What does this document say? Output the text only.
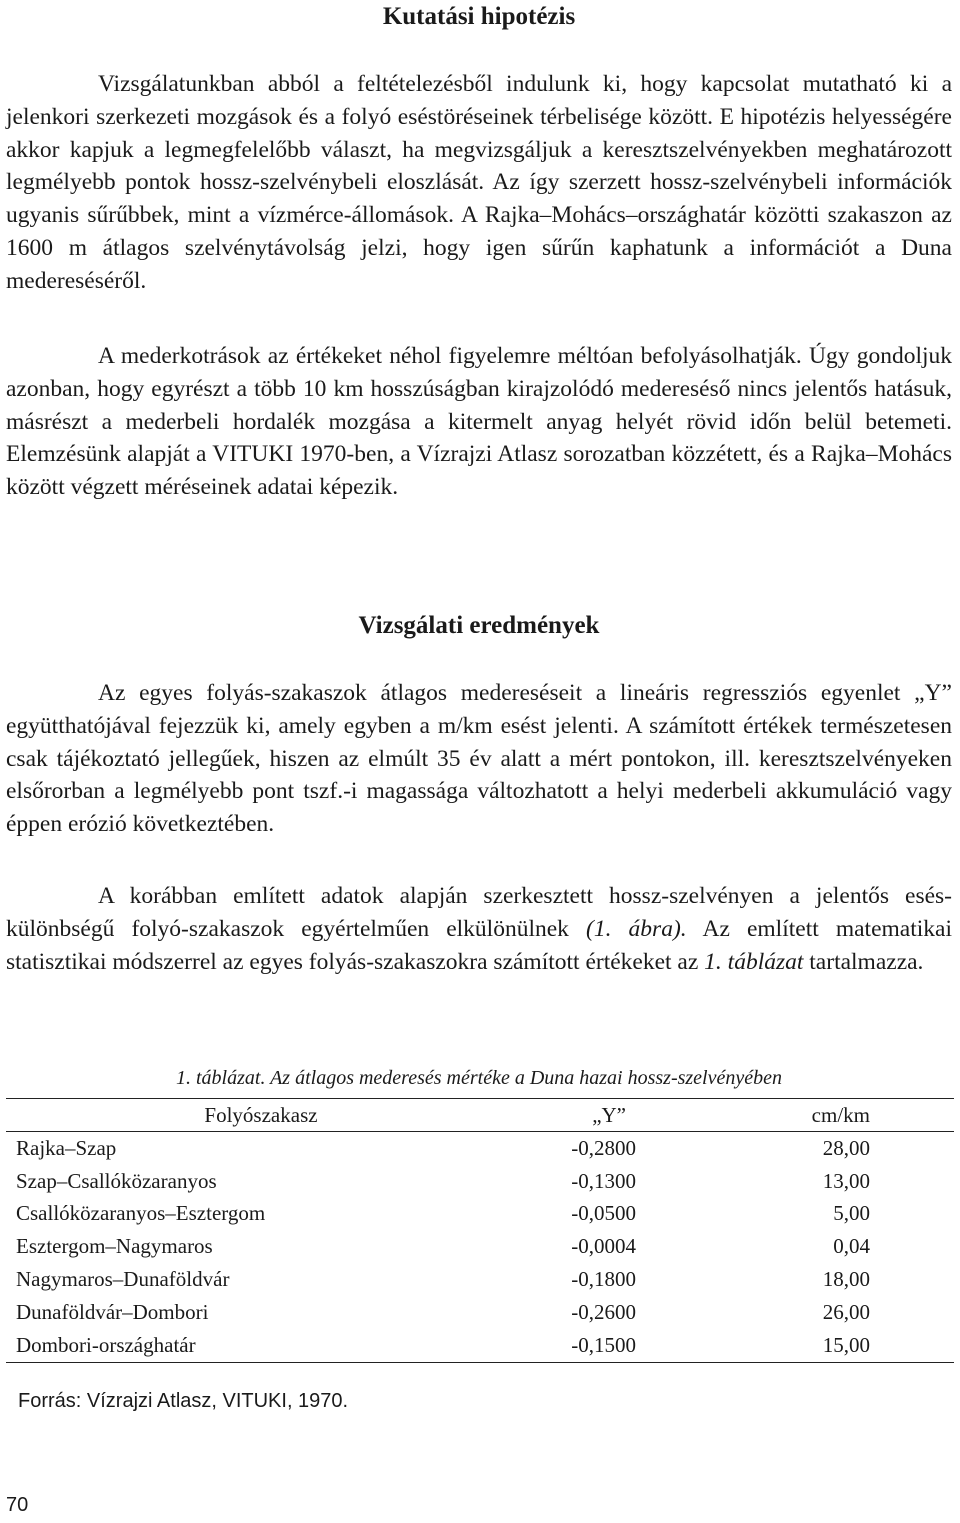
Kutatási hipotézis

Vizsgálatunkban abból a feltételezésből indulunk ki, hogy kapcsolat mutatható ki a jelenkori szerkezeti mozgások és a folyó eséstöréseinek térbelisége között. E hipotézis helyességére akkor kapjuk a legmegfelelőbb választ, ha megvizsgáljuk a keresztszelvényekben meghatározott legmélyebb pontok hossz-szelvénybeli eloszlását. Az így szerzett hossz-szelvénybeli információk ugyanis sűrűbbek, mint a vízmérce-állomások. A Rajka–Mohács–országhatár közötti szakaszon az 1600 m átlagos szelvénytávolság jelzi, hogy igen sűrűn kaphatunk a információt a Duna medereséséről.

A mederkotrások az értékeket néhol figyelemre méltóan befolyásolhatják. Úgy gondoljuk azonban, hogy egyrészt a több 10 km hosszúságban kirajzolódó medereséső nincs jelentős hatásuk, másrészt a mederbeli hordalék mozgása a kitermelt anyag helyét rövid időn belül betemeti. Elemzésünk alapját a VITUKI 1970-ben, a Vízrajzi Atlasz sorozatban közzétett, és a Rajka–Mohács között végzett méréseinek adatai képezik.

Vizsgálati eredmények

Az egyes folyás-szakaszok átlagos medereséseit a lineáris regressziós egyenlet „Y” együtthatójával fejezzük ki, amely egyben a m/km esést jelenti. A számított értékek természetesen csak tájékoztató jellegűek, hiszen az elmúlt 35 év alatt a mért pontokon, ill. keresztszelvényeken elsőrorban a legmélyebb pont tszf.-i magassága változhatott a helyi mederbeli akkumuláció vagy éppen erózió következtében.

A korábban említett adatok alapján szerkesztett hossz-szelvényen a jelentős esés-különbségű folyó-szakaszok egyértelműen elkülönülnek (1. ábra). Az említett matematikai statisztikai módszerrel az egyes folyás-szakaszokra számított értékeket az 1. táblázat tartalmazza.

1. táblázat. Az átlagos mederesés mértéke a Duna hazai hossz-szelvényében
Folyószakasz	„Y”	cm/km
Rajka–Szap	-0,2800	28,00
Szap–Csallóközaranyos	-0,1300	13,00
Csallóközaranyos–Esztergom	-0,0500	5,00
Esztergom–Nagymaros	-0,0004	0,04
Nagymaros–Dunaföldvár	-0,1800	18,00
Dunaföldvár–Dombori	-0,2600	26,00
Dombori-országhatár	-0,1500	15,00
Forrás: Vízrajzi Atlasz, VITUKI, 1970.
70
